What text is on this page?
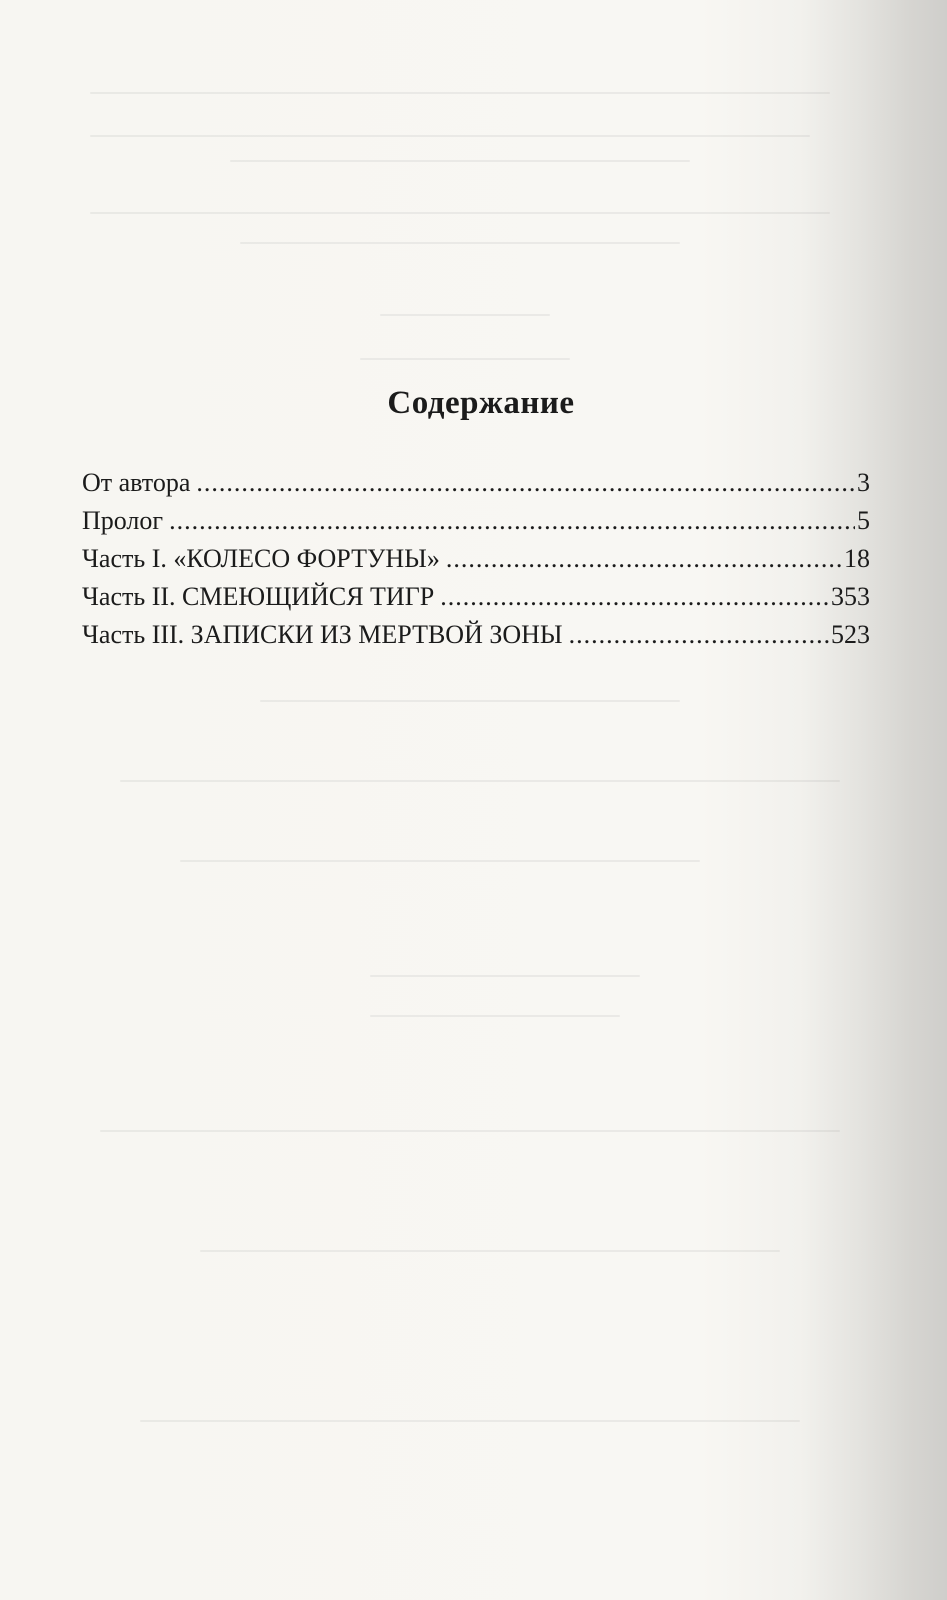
Содержание
От автора .....	3
Пролог .....	5
Часть I. «КОЛЕСО ФОРТУНЫ» .....	18
Часть II. СМЕЮЩИЙСЯ ТИГР .....	353
Часть III. ЗАПИСКИ ИЗ МЕРТВОЙ ЗОНЫ .....	523
